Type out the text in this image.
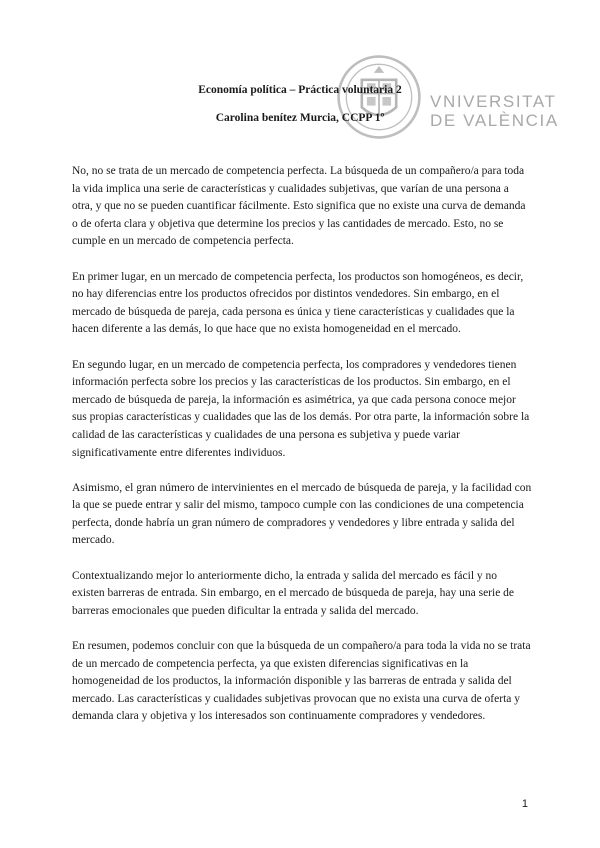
VNIVERSITAT
DE VALÈNCIA
Economía política – Práctica voluntaria 2
Carolina benítez Murcia, CCPP 1º

No, no se trata de un mercado de competencia perfecta. La búsqueda de un compañero/a para toda la vida implica una serie de características y cualidades subjetivas, que varían de una persona a otra, y que no se pueden cuantificar fácilmente. Esto significa que no existe una curva de demanda o de oferta clara y objetiva que determine los precios y las cantidades de mercado. Esto, no se cumple en un mercado de competencia perfecta.

En primer lugar, en un mercado de competencia perfecta, los productos son homogéneos, es decir, no hay diferencias entre los productos ofrecidos por distintos vendedores. Sin embargo, en el mercado de búsqueda de pareja, cada persona es única y tiene características y cualidades que la hacen diferente a las demás, lo que hace que no exista homogeneidad en el mercado.

En segundo lugar, en un mercado de competencia perfecta, los compradores y vendedores tienen información perfecta sobre los precios y las características de los productos. Sin embargo, en el mercado de búsqueda de pareja, la información es asimétrica, ya que cada persona conoce mejor sus propias características y cualidades que las de los demás. Por otra parte, la información sobre la calidad de las características y cualidades de una persona es subjetiva y puede variar significativamente entre diferentes individuos.

Asimismo, el gran número de intervinientes en el mercado de búsqueda de pareja, y la facilidad con la que se puede entrar y salir del mismo, tampoco cumple con las condiciones de una competencia perfecta, donde habría un gran número de compradores y vendedores y libre entrada y salida del mercado.

Contextualizando mejor lo anteriormente dicho, la entrada y salida del mercado es fácil y no existen barreras de entrada. Sin embargo, en el mercado de búsqueda de pareja, hay una serie de barreras emocionales que pueden dificultar la entrada y salida del mercado.

En resumen, podemos concluir con que la búsqueda de un compañero/a para toda la vida no se trata de un mercado de competencia perfecta, ya que existen diferencias significativas en la homogeneidad de los productos, la información disponible y las barreras de entrada y salida del mercado. Las características y cualidades subjetivas provocan que no exista una curva de oferta y demanda clara y objetiva y los interesados son continuamente compradores y vendedores.

1
